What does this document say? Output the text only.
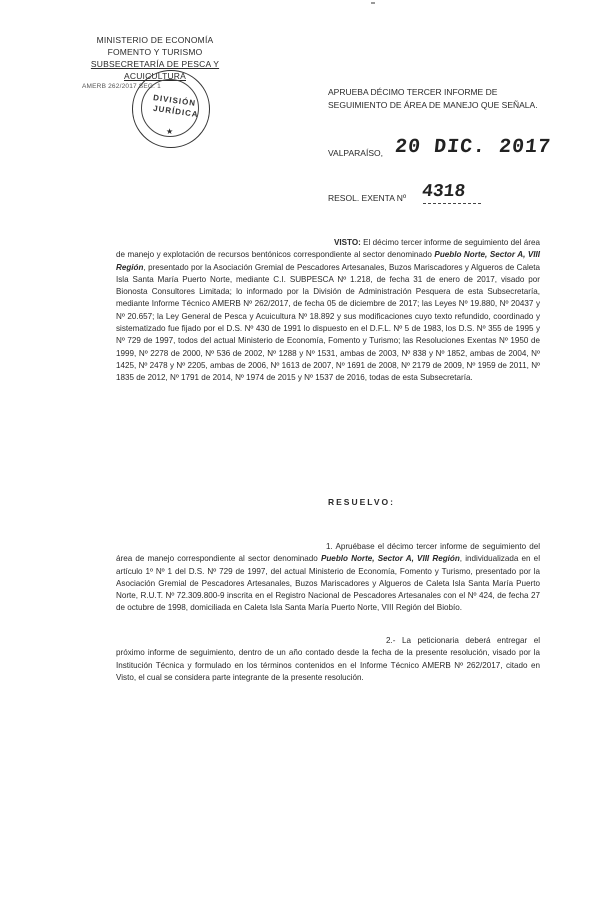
MINISTERIO DE ECONOMÍA
FOMENTO Y TURISMO
SUBSECRETARÍA DE PESCA Y ACUICULTURA
AMERB 262/2017 SEG. 1
DIVISIÓN
JURÍDICA
★
APRUEBA DÉCIMO TERCER INFORME DE SEGUIMIENTO DE ÁREA DE MANEJO QUE SEÑALA.
VALPARAÍSO, 20 DIC. 2017
RESOL. EXENTA Nº 4318
VISTO: El décimo tercer informe de seguimiento del área de manejo y explotación de recursos bentónicos correspondiente al sector denominado Pueblo Norte, Sector A, VIII Región, presentado por la Asociación Gremial de Pescadores Artesanales, Buzos Mariscadores y Algueros de Caleta Isla Santa María Puerto Norte, mediante C.I. SUBPESCA Nº 1.218, de fecha 31 de enero de 2017, visado por Bionosta Consultores Limitada; lo informado por la División de Administración Pesquera de esta Subsecretaría, mediante Informe Técnico AMERB Nº 262/2017, de fecha 05 de diciembre de 2017; las Leyes Nº 19.880, Nº 20437 y Nº 20.657; la Ley General de Pesca y Acuicultura Nº 18.892 y sus modificaciones cuyo texto refundido, coordinado y sistematizado fue fijado por el D.S. Nº 430 de 1991 lo dispuesto en el D.F.L. Nº 5 de 1983, los D.S. Nº 355 de 1995 y Nº 729 de 1997, todos del actual Ministerio de Economía, Fomento y Turismo; las Resoluciones Exentas Nº 1950 de 1999, Nº 2278 de 2000, Nº 536 de 2002, Nº 1288 y Nº 1531, ambas de 2003, Nº 838 y Nº 1852, ambas de 2004, Nº 1425, Nº 2478 y Nº 2205, ambas de 2006, Nº 1613 de 2007, Nº 1691 de 2008, Nº 2179 de 2009, Nº 1959 de 2011, Nº 1835 de 2012, Nº 1791 de 2014, Nº 1974 de 2015 y Nº 1537 de 2016, todas de esta Subsecretaría.
RESUELVO:
1. Apruébase el décimo tercer informe de seguimiento del área de manejo correspondiente al sector denominado Pueblo Norte, Sector A, VIII Región, individualizada en el artículo 1º Nº 1 del D.S. Nº 729 de 1997, del actual Ministerio de Economía, Fomento y Turismo, presentado por la Asociación Gremial de Pescadores Artesanales, Buzos Mariscadores y Algueros de Caleta Isla Santa María Puerto Norte, R.U.T. Nº 72.309.800-9 inscrita en el Registro Nacional de Pescadores Artesanales con el Nº 424, de fecha 27 de octubre de 1998, domiciliada en Caleta Isla Santa María Puerto Norte, VIII Región del Biobío.
2.- La peticionaria deberá entregar el próximo informe de seguimiento, dentro de un año contado desde la fecha de la presente resolución, visado por la Institución Técnica y formulado en los términos contenidos en el Informe Técnico AMERB Nº 262/2017, citado en Visto, el cual se considera parte integrante de la presente resolución.
